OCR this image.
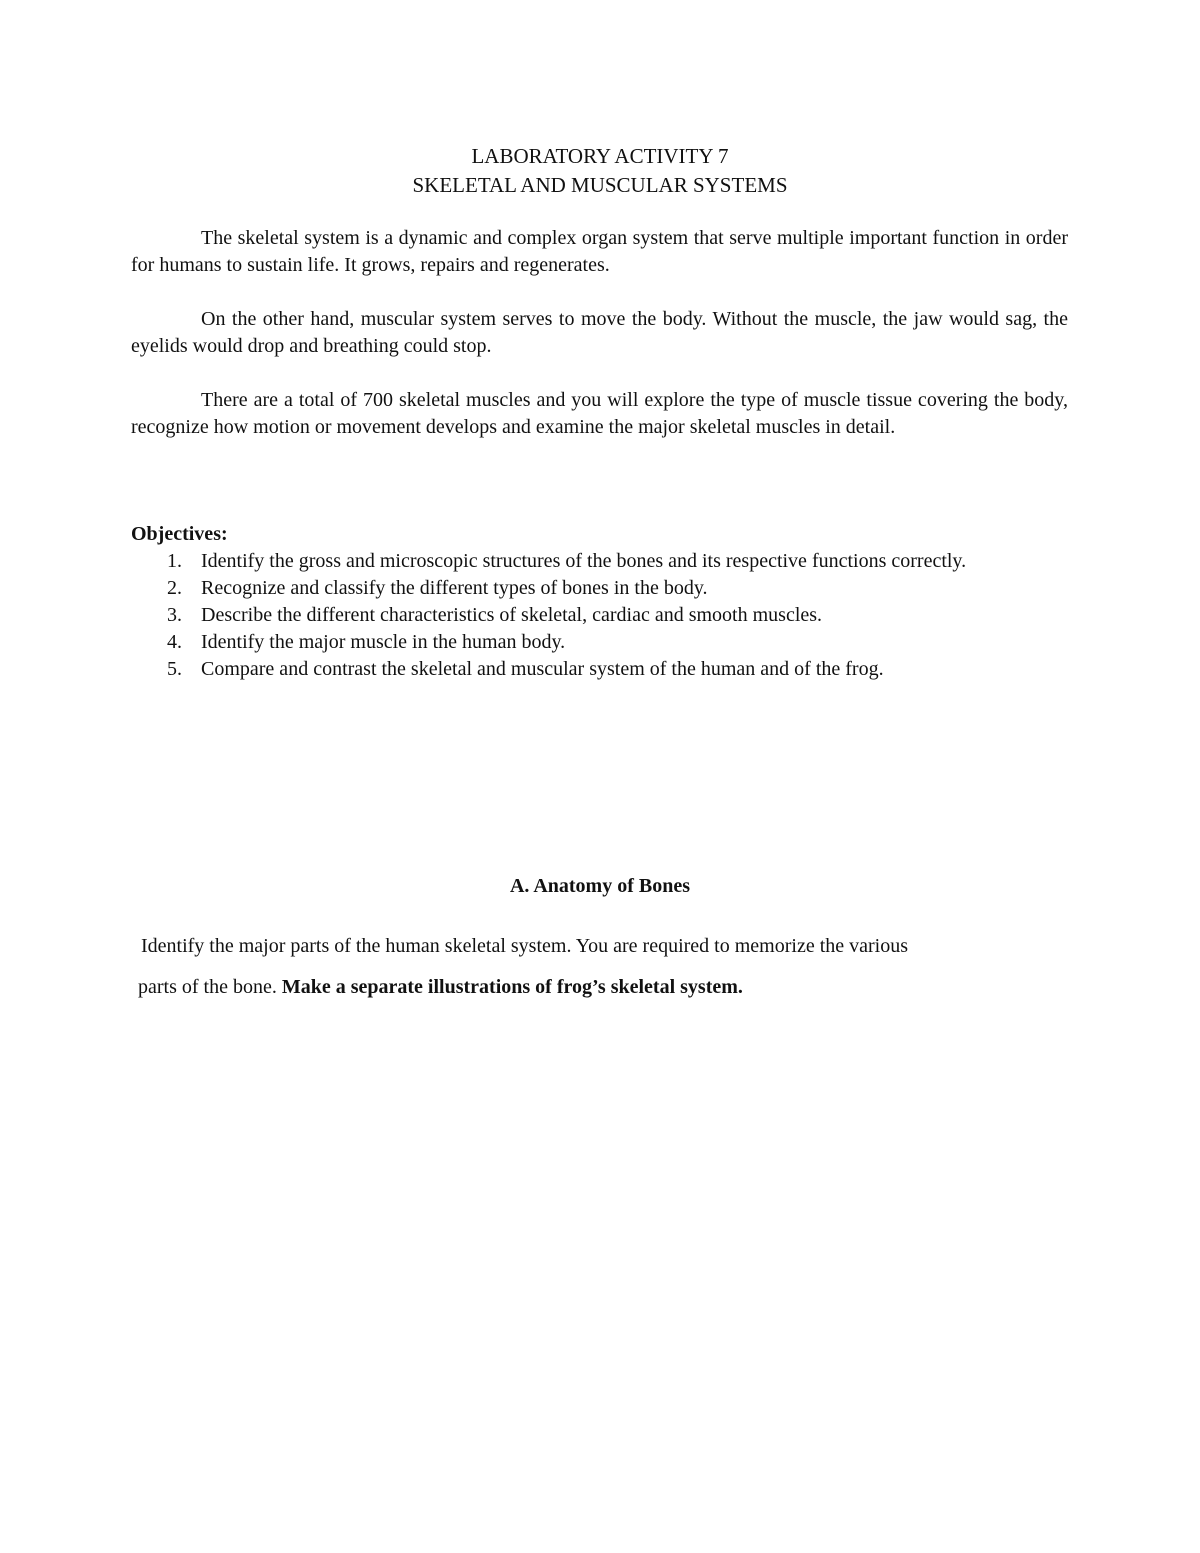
LABORATORY ACTIVITY 7
SKELETAL AND MUSCULAR SYSTEMS

The skeletal system is a dynamic and complex organ system that serve multiple important function in order for humans to sustain life. It grows, repairs and regenerates.

On the other hand, muscular system serves to move the body. Without the muscle, the jaw would sag, the eyelids would drop and breathing could stop.

There are a total of 700 skeletal muscles and you will explore the type of muscle tissue covering the body, recognize how motion or movement develops and examine the major skeletal muscles in detail.

Objectives:

1. Identify the gross and microscopic structures of the bones and its respective functions correctly.
2. Recognize and classify the different types of bones in the body.
3. Describe the different characteristics of skeletal, cardiac and smooth muscles.
4. Identify the major muscle in the human body.
5. Compare and contrast the skeletal and muscular system of the human and of the frog.
A. Anatomy of Bones

Identify the major parts of the human skeletal system. You are required to memorize the various
parts of the bone. Make a separate illustrations of frog’s skeletal system.
